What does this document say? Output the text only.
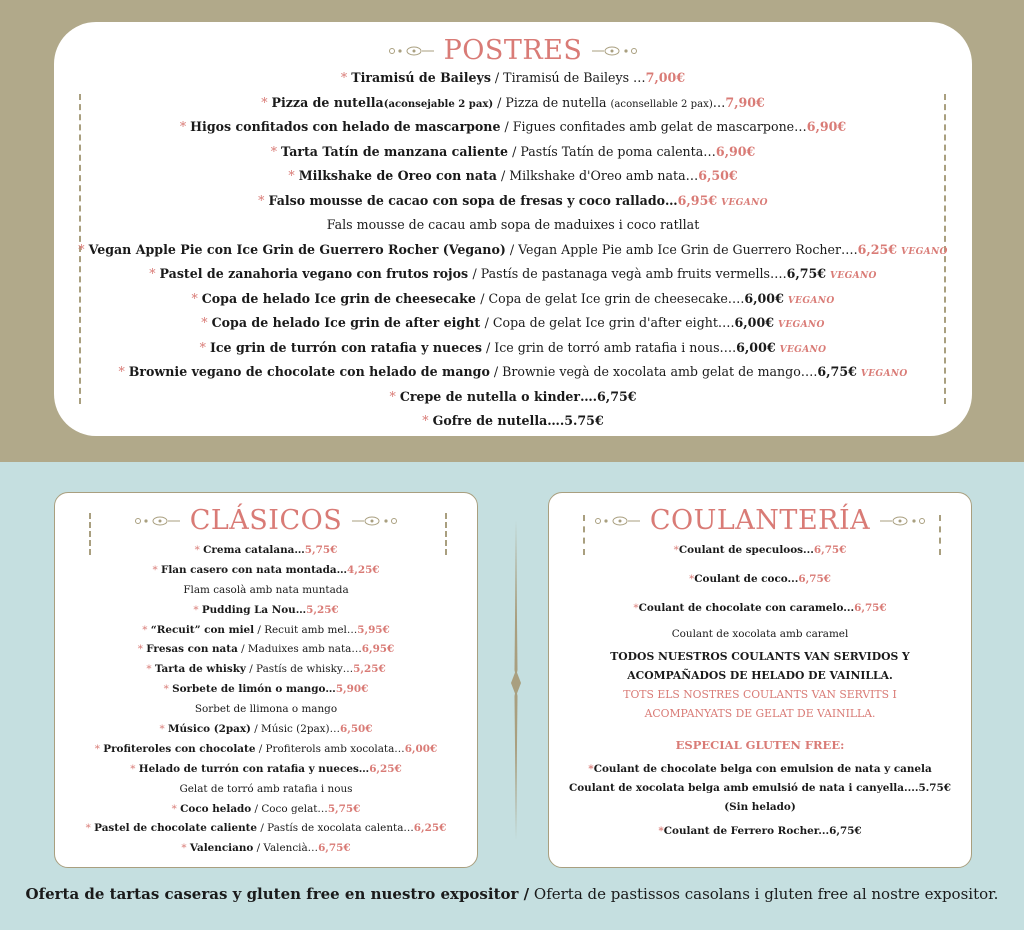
POSTRES
* Tiramisú de Baileys / Tiramisú de Baileys …7,00€
* Pizza de nutella(aconsejable 2 pax) / Pizza de nutella (aconsellable 2 pax)…7,90€
* Higos confitados con helado de mascarpone / Figues confitades amb gelat de mascarpone…6,90€
* Tarta Tatín de manzana caliente / Pastís Tatín de poma calenta…6,90€
* Milkshake de Oreo con nata / Milkshake d'Oreo amb nata…6,50€
* Falso mousse de cacao con sopa de fresas y coco rallado…6,95€ VEGANO
Fals mousse de cacau amb sopa de maduixes i coco ratllat
* Vegan Apple Pie con Ice Grin de Guerrero Rocher (Vegano) / Vegan Apple Pie amb Ice Grin de Guerrero Rocher….6,25€ VEGANO
* Pastel de zanahoria vegano con frutos rojos / Pastís de pastanaga vegà amb fruits vermells….6,75€ VEGANO
* Copa de helado Ice grin de cheesecake / Copa de gelat Ice grin de cheesecake….6,00€ VEGANO
* Copa de helado Ice grin de after eight / Copa de gelat Ice grin d'after eight….6,00€ VEGANO
* Ice grin de turrón con ratafia y nueces / Ice grin de torró amb ratafia i nous….6,00€ VEGANO
* Brownie vegano de chocolate con helado de mango / Brownie vegà de xocolata amb gelat de mango….6,75€ VEGANO
* Crepe de nutella o kinder….6,75€
* Gofre de nutella….5.75€
CLÁSICOS
* Crema catalana…5,75€
* Flan casero con nata montada…4,25€
Flam casolà amb nata muntada
* Pudding La Nou…5,25€
* “Recuit” con miel / Recuit amb mel…5,95€
* Fresas con nata / Maduixes amb nata…6,95€
* Tarta de whisky / Pastís de whisky…5,25€
* Sorbete de limón o mango…5,90€
Sorbet de llimona o mango
* Músico (2pax) / Músic (2pax)…6,50€
* Profiteroles con chocolate / Profiterols amb xocolata…6,00€
* Helado de turrón con ratafia y nueces…6,25€
Gelat de torró amb ratafia i nous
* Coco helado / Coco gelat…5,75€
* Pastel de chocolate caliente / Pastís de xocolata calenta…6,25€
* Valenciano / Valencià…6,75€
COULANTERÍA
*Coulant de speculoos...6,75€
*Coulant de coco...6,75€
*Coulant de chocolate con caramelo...6,75€
Coulant de xocolata amb caramel
TODOS NUESTROS COULANTS VAN SERVIDOS Y
ACOMPAÑADOS DE HELADO DE VAINILLA.
TOTS ELS NOSTRES COULANTS VAN SERVITS I
ACOMPANYATS DE GELAT DE VAINILLA.
ESPECIAL GLUTEN FREE:
*Coulant de chocolate belga con emulsion de nata y canela
Coulant de xocolata belga amb emulsió de nata i canyella....5.75€
(Sin helado)
*Coulant de Ferrero Rocher...6,75€
Oferta de tartas caseras y gluten free en nuestro expositor / Oferta de pastissos casolans i gluten free al nostre expositor.
